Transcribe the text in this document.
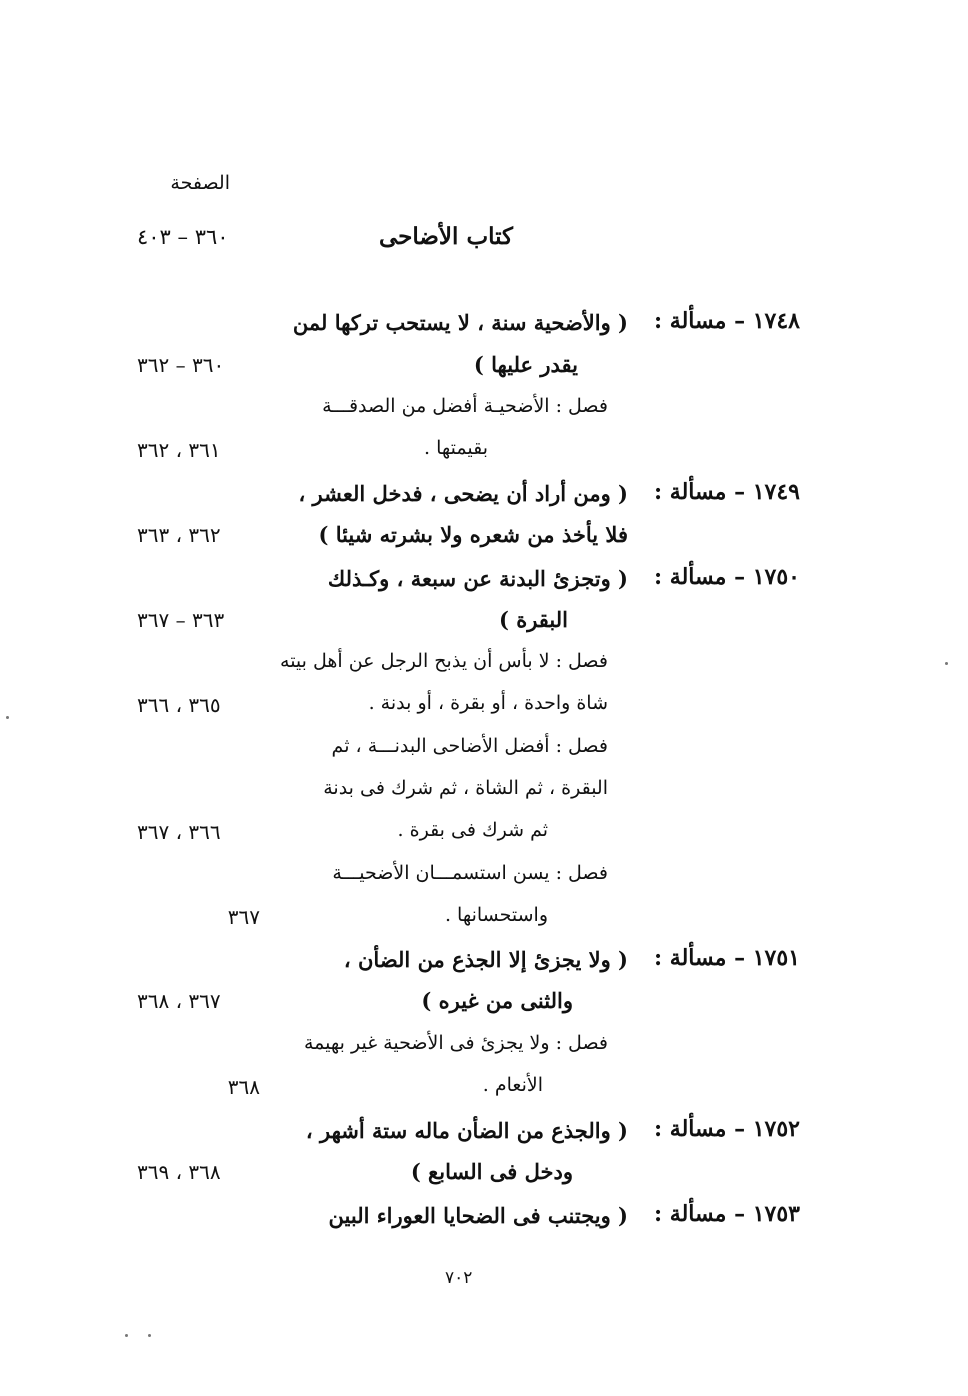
الصفحة
كتاب الأضاحى
٣٦٠ – ٤٠٣
١٧٤٨ – مسألة :
( والأضحية سنة ، لا يستحب تركها لمن
يقدر عليها )
٣٦٠ – ٣٦٢
فصل : الأضحيـة أفضل من الصدقـــة
بقيمتها .
٣٦١ ، ٣٦٢
١٧٤٩ – مسألة :
( ومن أراد أن يضحى ، فدخل العشر ،
فلا يأخذ من شعره ولا بشرته شيئا )
٣٦٢ ، ٣٦٣
١٧٥٠ – مسألة :
( وتجزئ البدنة عن سبعة ، وكـذلك
البقرة )
٣٦٣ – ٣٦٧
فصل : لا بأس أن يذبح الرجل عن أهل بيته
شاة واحدة ، أو بقرة ، أو بدنة .
٣٦٥ ، ٣٦٦
فصل : أفضل الأضاحى البدنـــة ، ثم
البقرة ، ثم الشاة ، ثم شرك فى بدنة
ثم شرك فى بقرة .
٣٦٦ ، ٣٦٧
فصل : يسن استسمـــان الأضحيـــة
واستحسانها .
٣٦٧
١٧٥١ – مسألة :
( ولا يجزئ إلا الجذع من الضأن ،
والثنى من غيره )
٣٦٧ ، ٣٦٨
فصل : ولا يجزئ فى الأضحية غير بهيمة
الأنعام .
٣٦٨
١٧٥٢ – مسألة :
( والجذع من الضأن ماله ستة أشهر ،
ودخل فى السابع )
٣٦٨ ، ٣٦٩
١٧٥٣ – مسألة :
( ويجتنب فى الضحايا العوراء البين
٧٠٢
